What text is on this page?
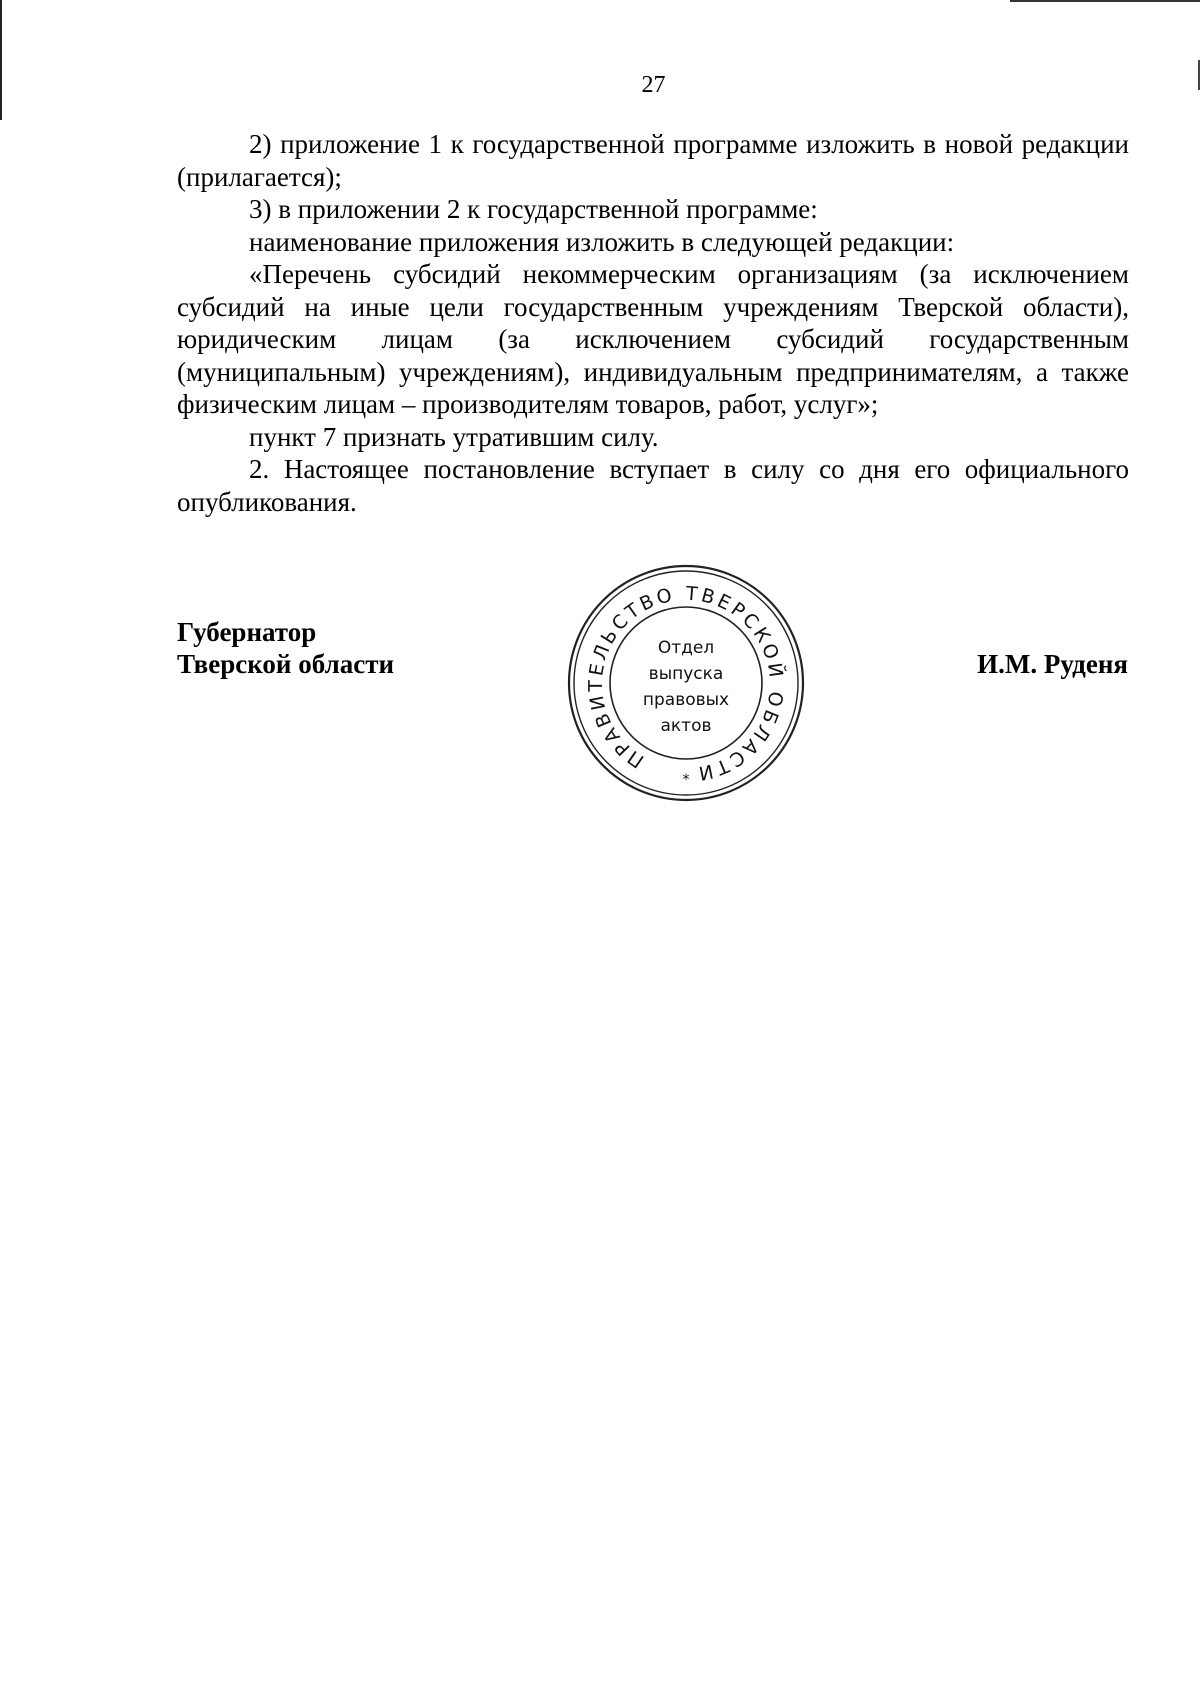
27

2) приложение 1 к государственной программе изложить в новой редакции (прилагается);

3) в приложении 2 к государственной программе:

наименование приложения изложить в следующей редакции:

«Перечень субсидий некоммерческим организациям (за исключением субсидий на иные цели государственным учреждениям Тверской области), юридическим лицам (за исключением субсидий государственным (муниципальным) учреждениям), индивидуальным предпринимателям, а также физическим лицам – производителям товаров, работ, услуг»;

пункт 7 признать утратившим силу.

2. Настоящее постановление вступает в силу со дня его официального опубликования.

Губернатор
Тверской области
ПРАВИТЕЛЬСТВО ТВЕРСКОЙ ОБЛАСТИ
*
Отдел
выпуска
правовых
актов
И.М. Руденя
